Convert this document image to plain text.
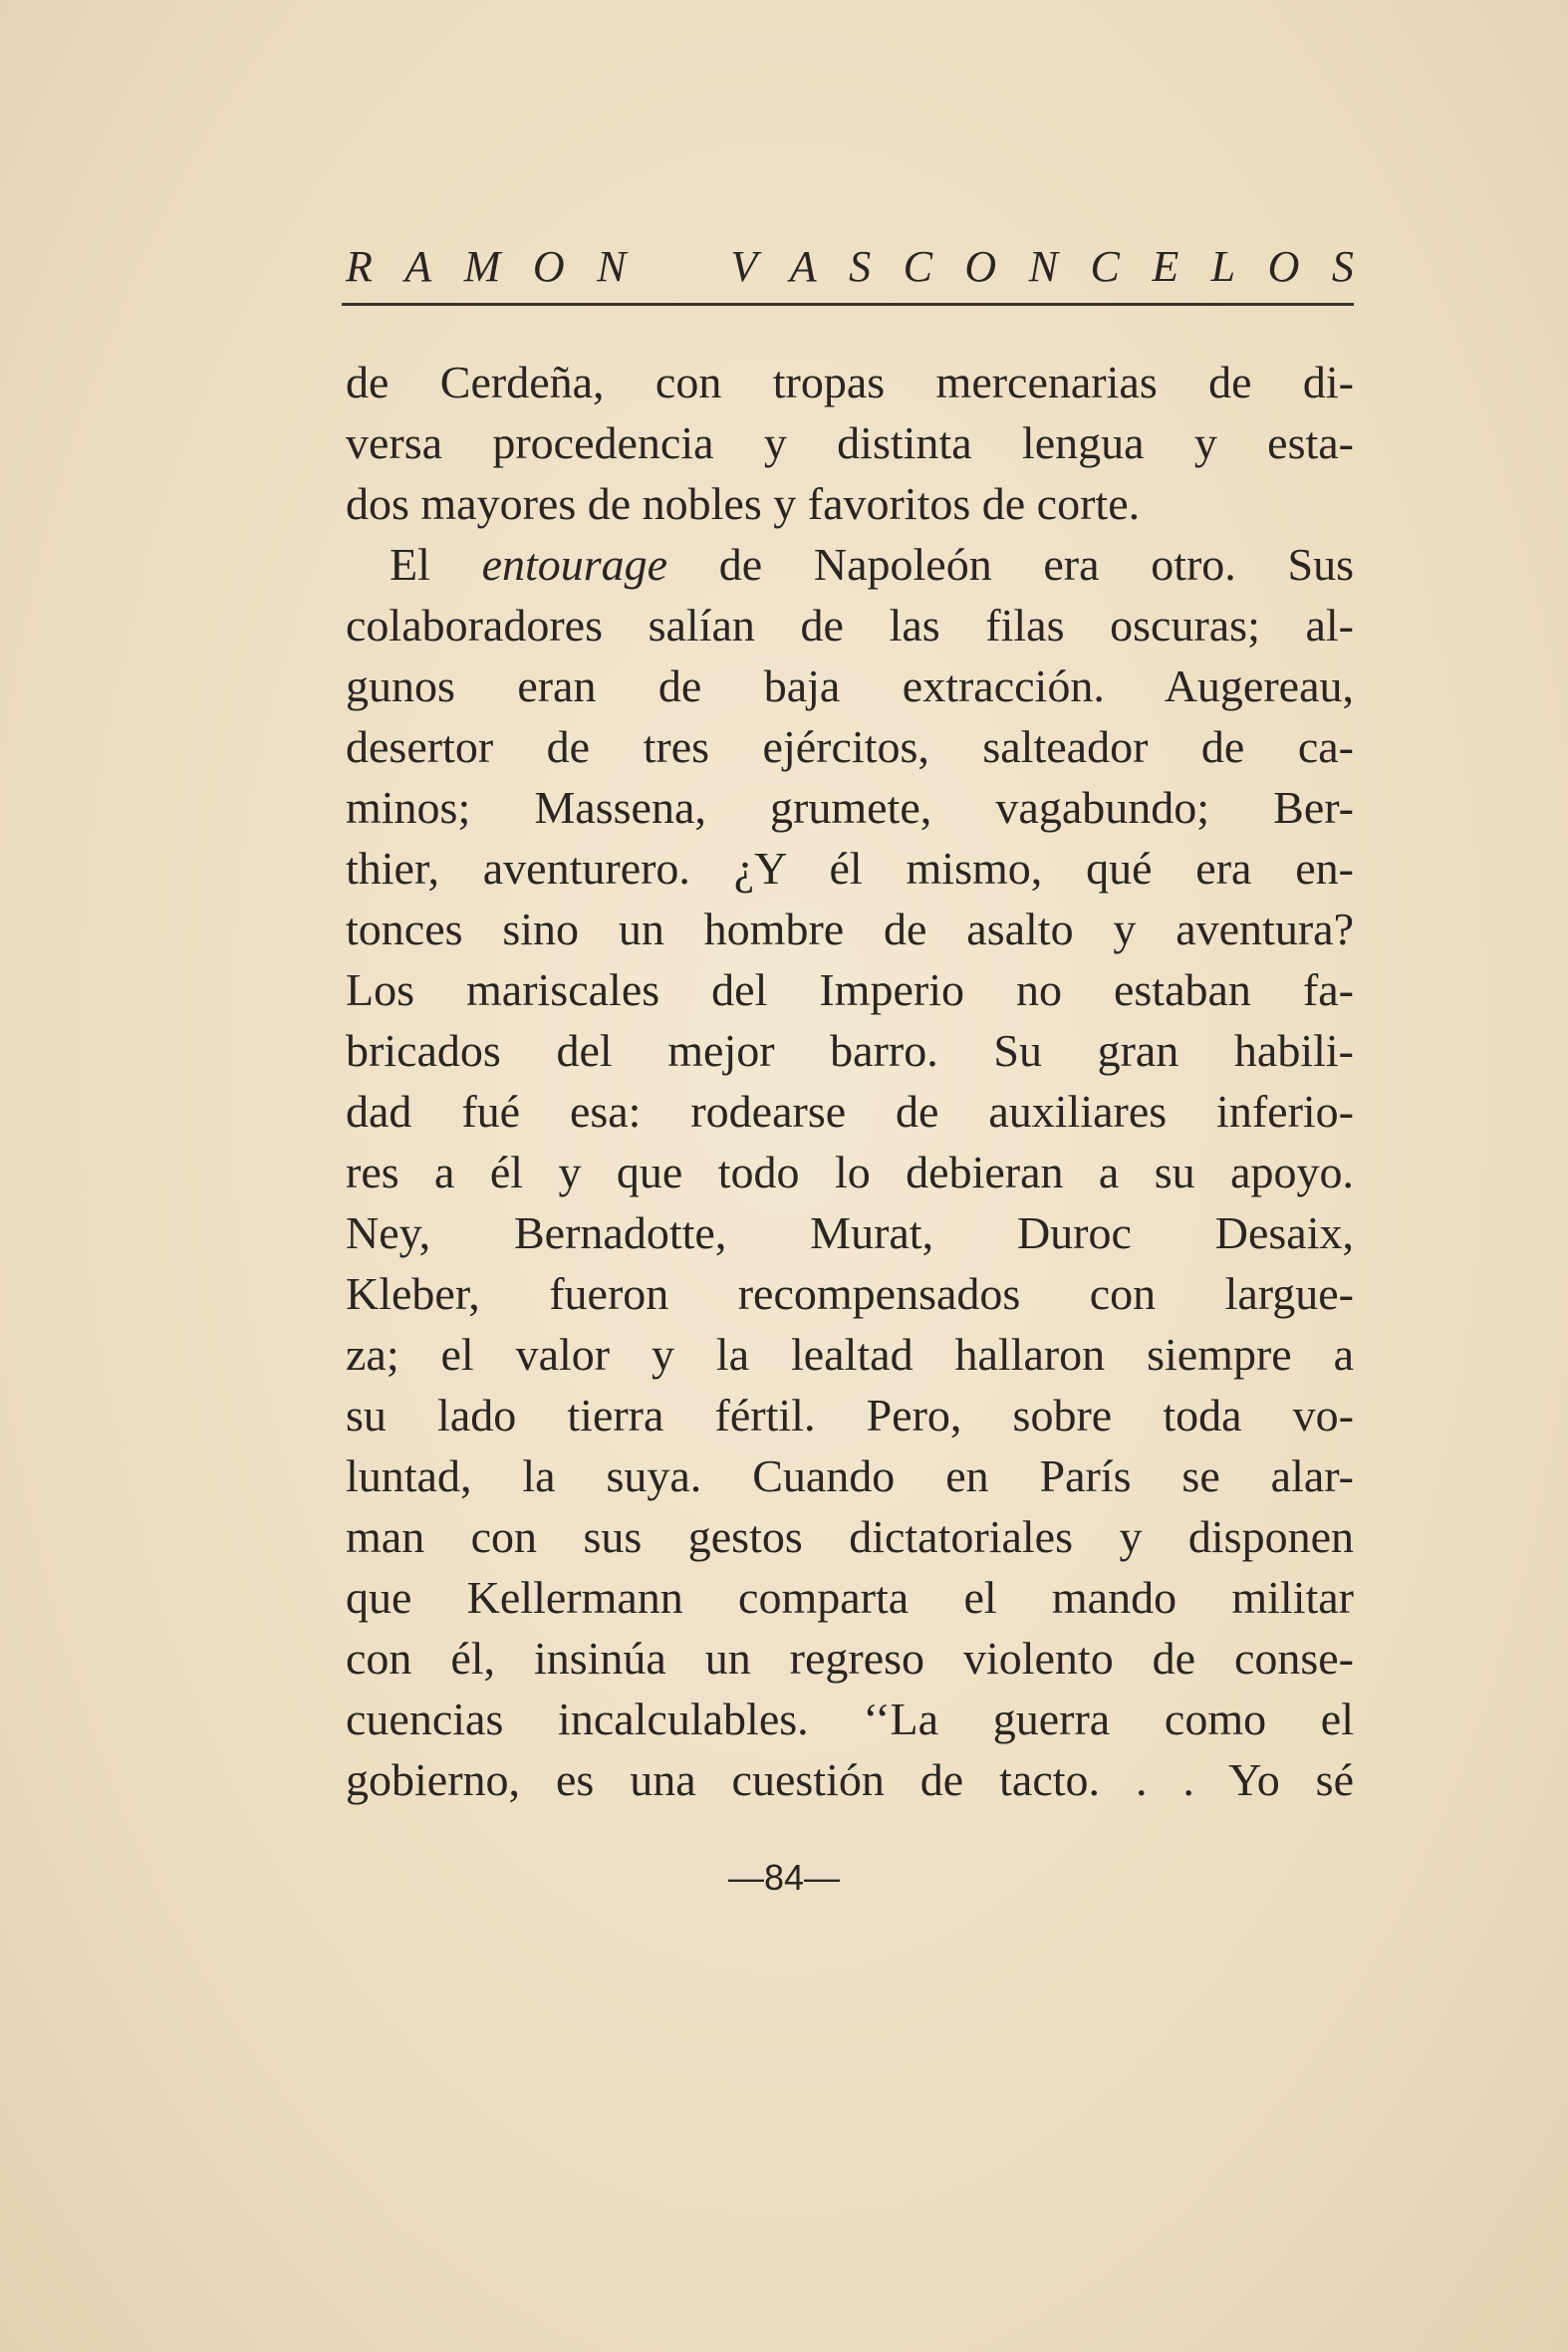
R A M O N V A S C O N C E L O S
de Cerdeña, con tropas mercenarias de di-
versa procedencia y distinta lengua y esta-
dos mayores de nobles y favoritos de corte.
El entourage de Napoleón era otro. Sus
colaboradores salían de las filas oscuras; al-
gunos eran de baja extracción. Augereau,
desertor de tres ejércitos, salteador de ca-
minos; Massena, grumete, vagabundo; Ber-
thier, aventurero. ¿Y él mismo, qué era en-
tonces sino un hombre de asalto y aventura?
Los mariscales del Imperio no estaban fa-
bricados del mejor barro. Su gran habili-
dad fué esa: rodearse de auxiliares inferio-
res a él y que todo lo debieran a su apoyo.
Ney, Bernadotte, Murat, Duroc Desaix,
Kleber, fueron recompensados con largue-
za; el valor y la lealtad hallaron siempre a
su lado tierra fértil. Pero, sobre toda vo-
luntad, la suya. Cuando en París se alar-
man con sus gestos dictatoriales y disponen
que Kellermann comparta el mando militar
con él, insinúa un regreso violento de conse-
cuencias incalculables. ‘‘La guerra como el
gobierno, es una cuestión de tacto. . . Yo sé
—84—
